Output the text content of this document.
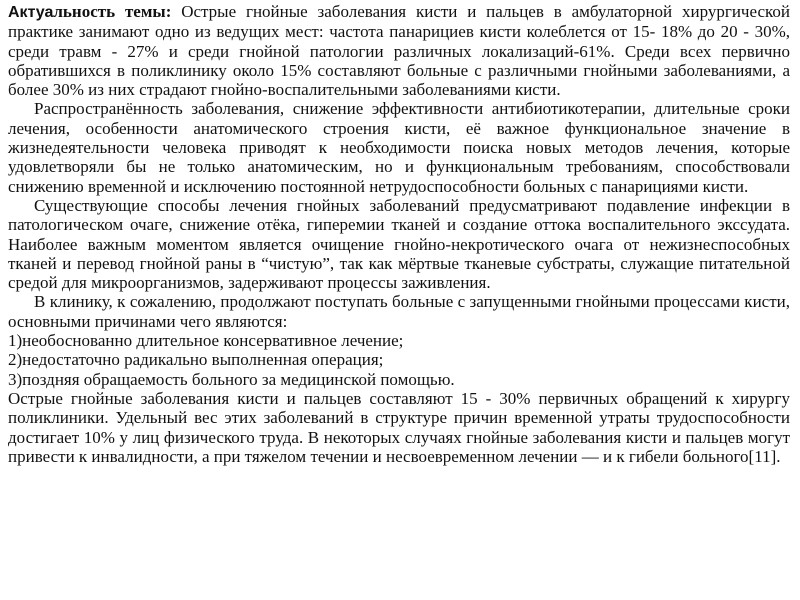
Актуальность темы: Острые гнойные заболевания кисти и пальцев в амбулаторной хирургической практике занимают одно из ведущих мест: частота панарициев кисти колеблется от 15- 18% до 20 - 30%, среди травм - 27% и среди гнойной патологии различных локализаций-61%. Среди всех первично обратившихся в поликлинику около 15% составляют больные с различными гнойными заболеваниями, а более 30% из них страдают гнойно-воспалительными заболеваниями кисти.

Распространённость заболевания, снижение эффективности антибиотикотерапии, длительные сроки лечения, особенности анатомического строения кисти, её важное функциональное значение в жизнедеятельности человека приводят к необходимости поиска новых методов лечения, которые удовлетворяли бы не только анатомическим, но и функциональным требованиям, способствовали снижению временной и исключению постоянной нетрудоспособности больных с панарициями кисти.

Существующие способы лечения гнойных заболеваний предусматривают подавление инфекции в патологическом очаге, снижение отёка, гиперемии тканей и создание оттока воспалительного экссудата. Наиболее важным моментом является очищение гнойно-некротического очага от нежизнеспособных тканей и перевод гнойной раны в “чистую”, так как мёртвые тканевые субстраты, служащие питательной средой для микроорганизмов, задерживают процессы заживления.

В клинику, к сожалению, продолжают поступать больные с запущенными гнойными процессами кисти, основными причинами чего являются:

1)необоснованно длительное консервативное лечение;

2)недостаточно радикально выполненная операция;

3)поздняя обращаемость больного за медицинской помощью.

Острые гнойные заболевания кисти и пальцев составляют 15 - 30% первичных обращений к хирургу поликлиники. Удельный вес этих заболеваний в структуре причин временной утраты трудоспособности достигает 10% у лиц физического труда. В некоторых случаях гнойные заболевания кисти и пальцев могут привести к инвалидности, а при тяжелом течении и несвоевременном лечении — и к гибели больного[11].
